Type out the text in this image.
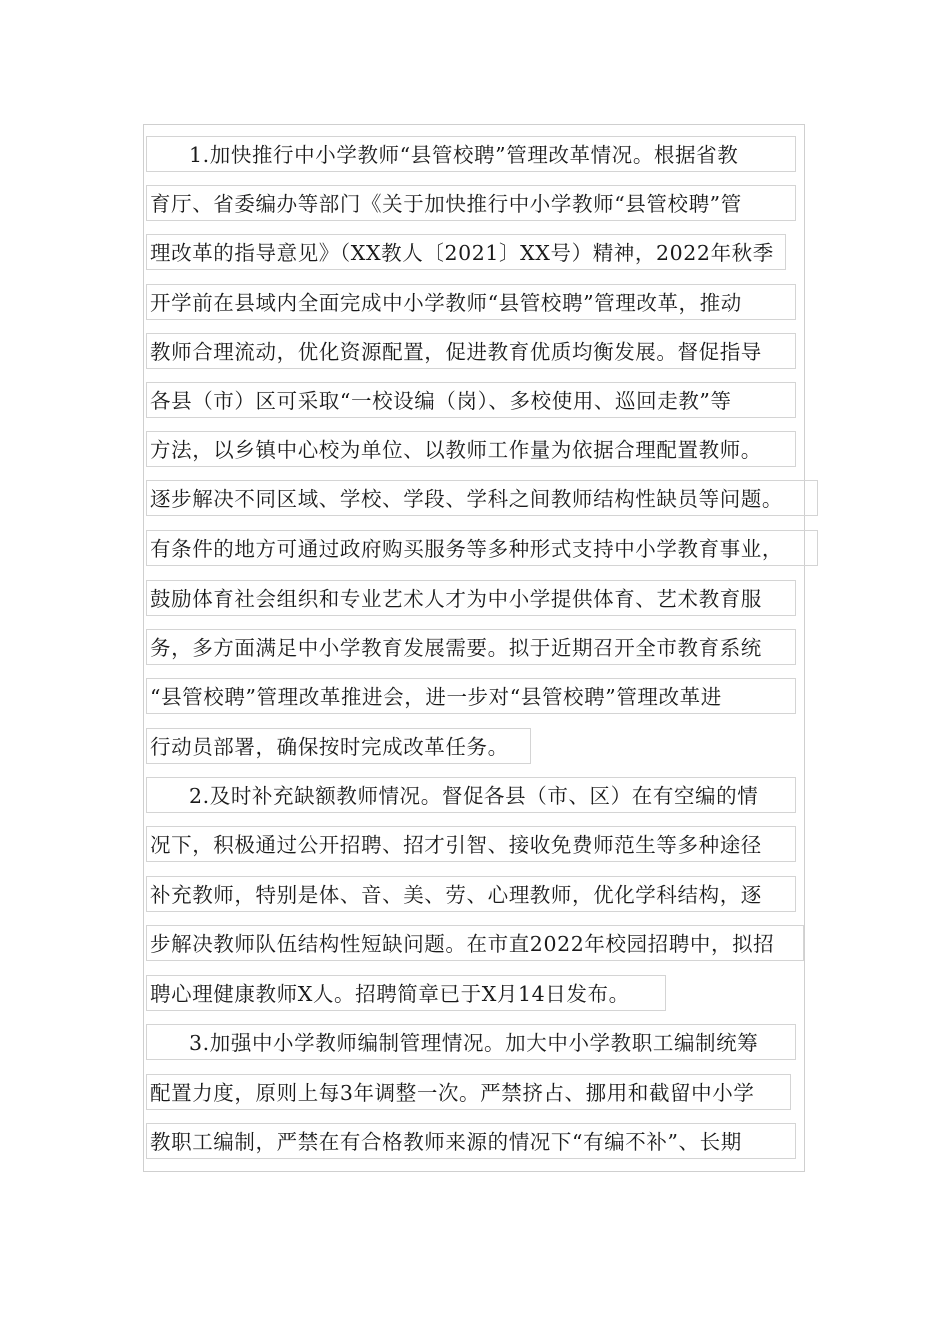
1.加快推行中小学教师“县管校聘”管理改革情况。根据省教
育厅、省委编办等部门《关于加快推行中小学教师“县管校聘”管
理改革的指导意见》（XX教人〔2021〕XX号）精神，2022年秋季
开学前在县域内全面完成中小学教师“县管校聘”管理改革，推动
教师合理流动，优化资源配置，促进教育优质均衡发展。督促指导
各县（市）区可采取“一校设编（岗）、多校使用、巡回走教”等
方法，以乡镇中心校为单位、以教师工作量为依据合理配置教师。
逐步解决不同区域、学校、学段、学科之间教师结构性缺员等问题。
有条件的地方可通过政府购买服务等多种形式支持中小学教育事业，
鼓励体育社会组织和专业艺术人才为中小学提供体育、艺术教育服
务，多方面满足中小学教育发展需要。拟于近期召开全市教育系统
“县管校聘”管理改革推进会，进一步对“县管校聘”管理改革进
行动员部署，确保按时完成改革任务。
2.及时补充缺额教师情况。督促各县（市、区）在有空编的情
况下，积极通过公开招聘、招才引智、接收免费师范生等多种途径
补充教师，特别是体、音、美、劳、心理教师，优化学科结构，逐
步解决教师队伍结构性短缺问题。在市直2022年校园招聘中，拟招
聘心理健康教师X人。招聘简章已于X月14日发布。
3.加强中小学教师编制管理情况。加大中小学教职工编制统筹
配置力度，原则上每3年调整一次。严禁挤占、挪用和截留中小学
教职工编制，严禁在有合格教师来源的情况下“有编不补”、长期
